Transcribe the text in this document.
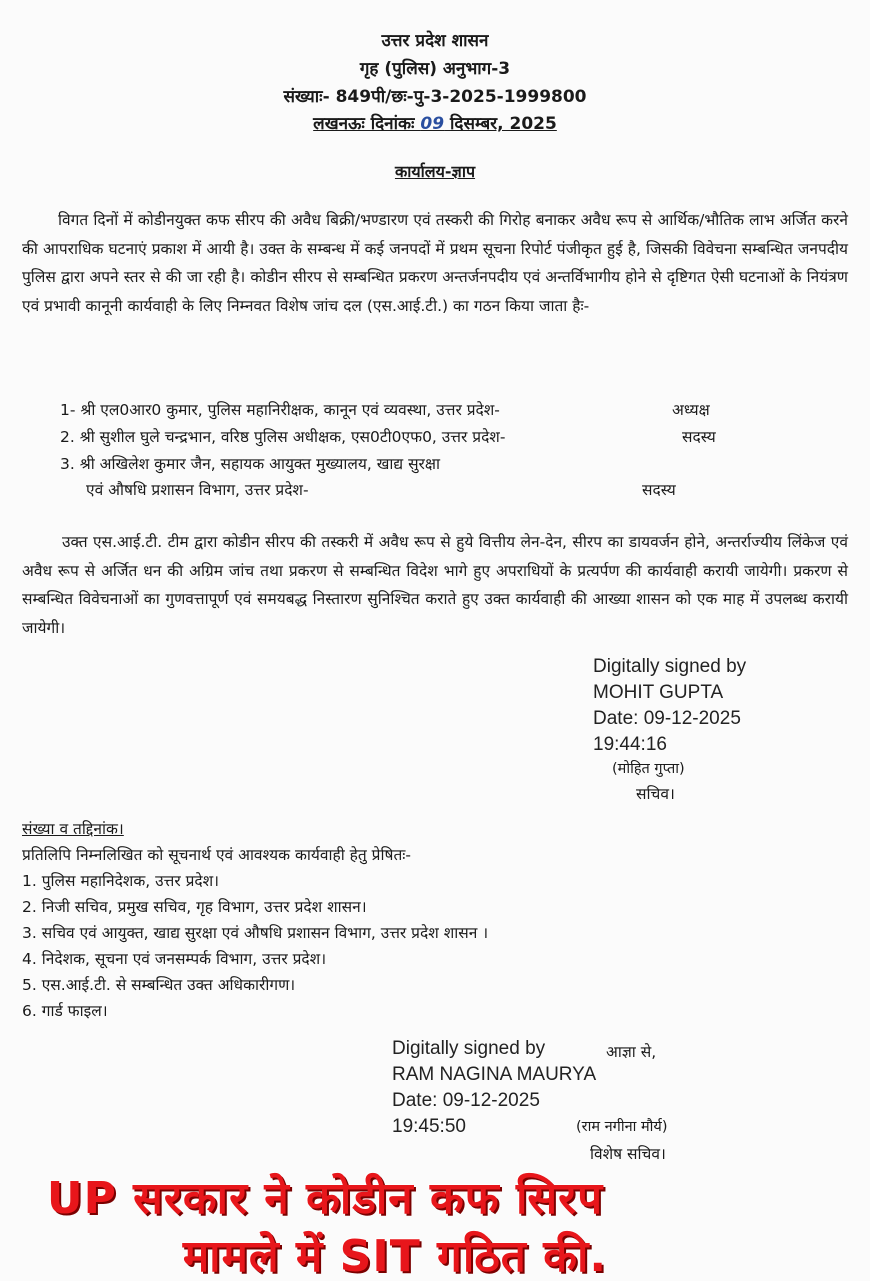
उत्तर प्रदेश शासन
गृह (पुलिस) अनुभाग-3
संख्याः- 849पी/छः-पु-3-2025-1999800
लखनऊः दिनांकः 09 दिसम्बर, 2025
कार्यालय-ज्ञाप

विगत दिनों में कोडीनयुक्त कफ सीरप की अवैध बिक्री/भण्डारण एवं तस्करी की गिरोह बनाकर अवैध रूप से आर्थिक/भौतिक लाभ अर्जित करने की आपराधिक घटनाएं प्रकाश में आयी है। उक्त के सम्बन्ध में कई जनपदों में प्रथम सूचना रिपोर्ट पंजीकृत हुई है, जिसकी विवेचना सम्बन्धित जनपदीय पुलिस द्वारा अपने स्तर से की जा रही है। कोडीन सीरप से सम्बन्धित प्रकरण अन्तर्जनपदीय एवं अन्तर्विभागीय होने से दृष्टिगत ऐसी घटनाओं के नियंत्रण एवं प्रभावी कानूनी कार्यवाही के लिए निम्नवत विशेष जांच दल (एस.आई.टी.) का गठन किया जाता हैः-

1- श्री एल0आर0 कुमार, पुलिस महानिरीक्षक, कानून एवं व्यवस्था, उत्तर प्रदेश-	अध्यक्ष
2. श्री सुशील घुले चन्द्रभान, वरिष्ठ पुलिस अधीक्षक, एस0टी0एफ0, उत्तर प्रदेश-	सदस्य
3. श्री अखिलेश कुमार जैन, सहायक आयुक्त मुख्यालय, खाद्य सुरक्षा
एवं औषधि प्रशासन विभाग, उत्तर प्रदेश-	सदस्य

उक्त एस.आई.टी. टीम द्वारा कोडीन सीरप की तस्करी में अवैध रूप से हुये वित्तीय लेन-देन, सीरप का डायवर्जन होने, अन्तर्राज्यीय लिंकेज एवं अवैध रूप से अर्जित धन की अग्रिम जांच तथा प्रकरण से सम्बन्धित विदेश भागे हुए अपराधियों के प्रत्यर्पण की कार्यवाही करायी जायेगी। प्रकरण से सम्बन्धित विवेचनाओं का गुणवत्तापूर्ण एवं समयबद्ध निस्तारण सुनिश्चित कराते हुए उक्त कार्यवाही की आख्या शासन को एक माह में उपलब्ध करायी जायेगी।

Digitally signed by
MOHIT GUPTA
Date: 09-12-2025
19:44:16
(मोहित गुप्ता)
सचिव।
संख्या व तद्दिनांक।
प्रतिलिपि निम्नलिखित को सूचनार्थ एवं आवश्यक कार्यवाही हेतु प्रेषितः-
1. पुलिस महानिदेशक, उत्तर प्रदेश।
2. निजी सचिव, प्रमुख सचिव, गृह विभाग, उत्तर प्रदेश शासन।
3. सचिव एवं आयुक्त, खाद्य सुरक्षा एवं औषधि प्रशासन विभाग, उत्तर प्रदेश शासन ।
4. निदेशक, सूचना एवं जनसम्पर्क विभाग, उत्तर प्रदेश।
5. एस.आई.टी. से सम्बन्धित उक्त अधिकारीगण।
6. गार्ड फाइल।
Digitally signed by
RAM NAGINA MAURYA
Date: 09-12-2025
19:45:50
आज्ञा से,
(राम नगीना मौर्य)
विशेष सचिव।
UP सरकार ने कोडीन कफ सिरप
मामले में SIT गठित की.
